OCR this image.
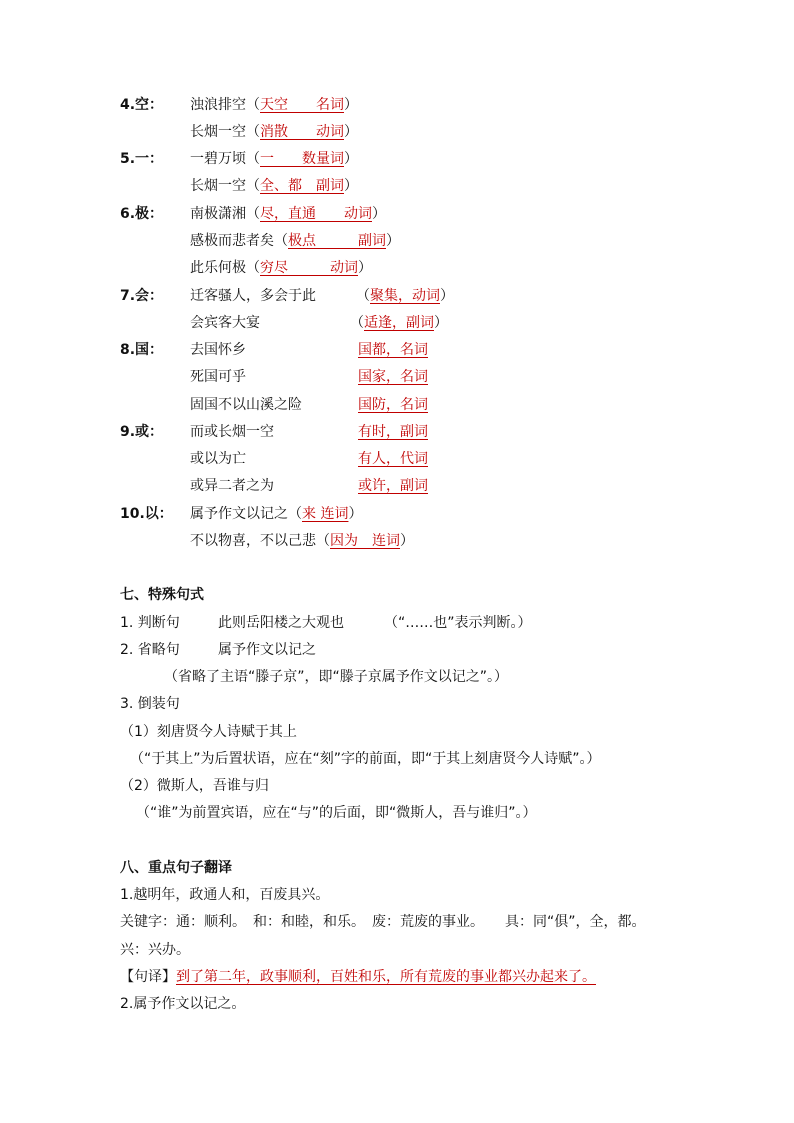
4.空： 浊浪排空（天空　　名词）
长烟一空（消散　　动词）
5.一： 一碧万顷（一　　数量词）
长烟一空（全、都　副词）
6.极： 南极潇湘（尽，直通　　动词）
感极而悲者矣（极点　　　副词）
此乐何极（穷尽　　　动词）
7.会： 迁客骚人，多会于此	（聚集，动词）
会宾客大宴	（适逢，副词）
8.国： 去国怀乡	国都，名词
死国可乎	国家，名词
固国不以山溪之险	国防，名词
9.或： 而或长烟一空	有时，副词
或以为亡	有人，代词
或异二者之为	或许，副词
10.以： 属予作文以记之（来 连词）
不以物喜，不以己悲（因为　连词）
七、特殊句式
1. 判断句	此则岳阳楼之大观也	（“……也”表示判断。）
2. 省略句	属予作文以记之
（省略了主语“滕子京”，即“滕子京属予作文以记之”。）
3. 倒装句
（1）刻唐贤今人诗赋于其上
（“于其上”为后置状语，应在“刻”字的前面，即“于其上刻唐贤今人诗赋”。）
（2）微斯人，吾谁与归
（“谁”为前置宾语，应在“与”的后面，即“微斯人，吾与谁归”。）
八、重点句子翻译
1.越明年，政通人和，百废具兴。
关键字：通：顺利。　和：和睦，和乐。　废：荒废的事业。　　具：同“俱”，全，都。
兴：兴办。
【句译】到了第二年，政事顺利，百姓和乐，所有荒废的事业都兴办起来了。
2.属予作文以记之。
